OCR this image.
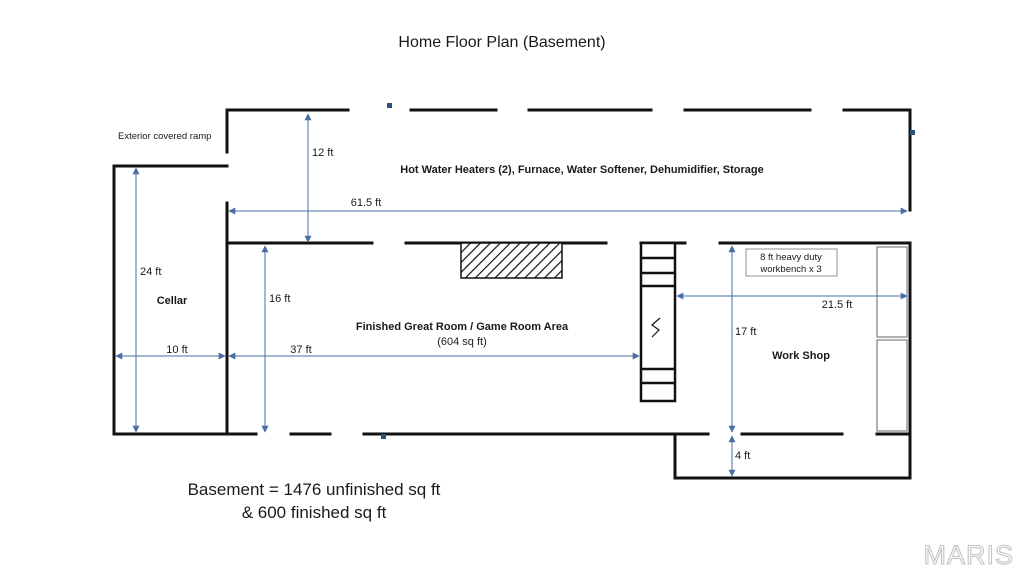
Home Floor Plan (Basement)
8 ft heavy duty
workbench x 3
Exterior covered ramp
Hot Water Heaters (2), Furnace, Water Softener, Dehumidifier, Storage
Cellar
Finished Great Room / Game Room Area
(604 sq ft)
Work Shop
12 ft
61.5 ft
24 ft
16 ft
10 ft	37 ft
21.5 ft
17 ft
4 ft
Basement = 1476 unfinished sq ft
& 600 finished sq ft
MARIS
